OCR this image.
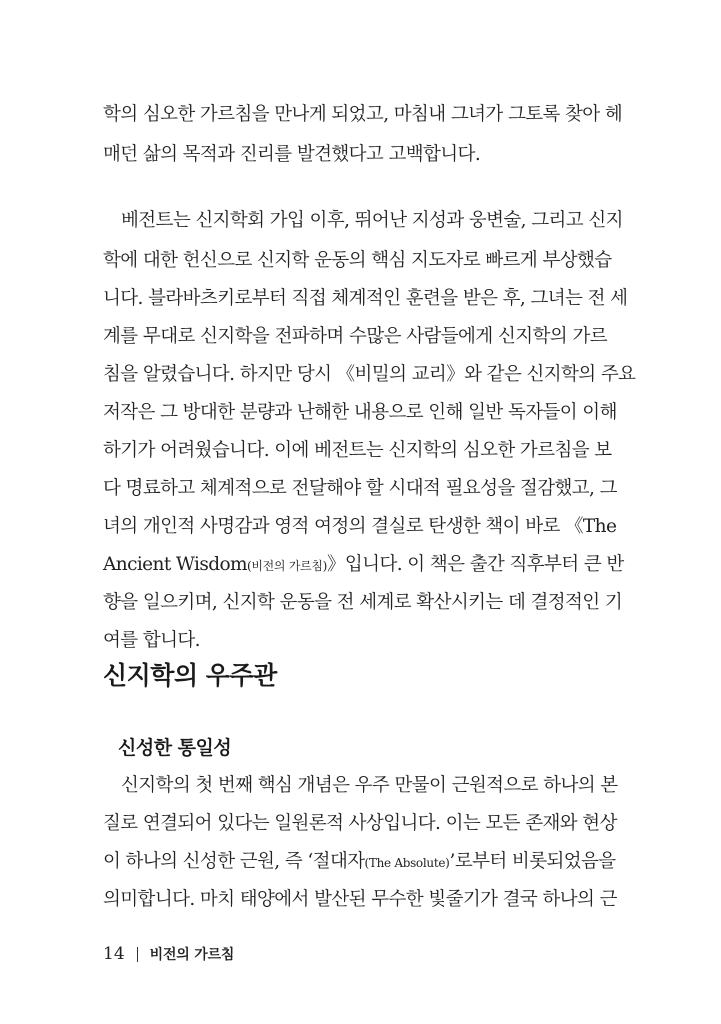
학의 심오한 가르침을 만나게 되었고, 마침내 그녀가 그토록 찾아 헤
매던 삶의 목적과 진리를 발견했다고 고백합니다.
베전트는 신지학회 가입 이후, 뛰어난 지성과 웅변술, 그리고 신지
학에 대한 헌신으로 신지학 운동의 핵심 지도자로 빠르게 부상했습
니다. 블라바츠키로부터 직접 체계적인 훈련을 받은 후, 그녀는 전 세
계를 무대로 신지학을 전파하며 수많은 사람들에게 신지학의 가르
침을 알렸습니다. 하지만 당시 《비밀의 교리》와 같은 신지학의 주요
저작은 그 방대한 분량과 난해한 내용으로 인해 일반 독자들이 이해
하기가 어려웠습니다. 이에 베전트는 신지학의 심오한 가르침을 보
다 명료하고 체계적으로 전달해야 할 시대적 필요성을 절감했고, 그
녀의 개인적 사명감과 영적 여정의 결실로 탄생한 책이 바로 《The
Ancient Wisdom(비전의 가르침)》입니다. 이 책은 출간 직후부터 큰 반
향을 일으키며, 신지학 운동을 전 세계로 확산시키는 데 결정적인 기
여를 합니다.
신지학의 우주관
신성한 통일성
신지학의 첫 번째 핵심 개념은 우주 만물이 근원적으로 하나의 본
질로 연결되어 있다는 일원론적 사상입니다. 이는 모든 존재와 현상
이 하나의 신성한 근원, 즉 ‘절대자(The Absolute)’로부터 비롯되었음을
의미합니다. 마치 태양에서 발산된 무수한 빛줄기가 결국 하나의 근
14 비전의 가르침
